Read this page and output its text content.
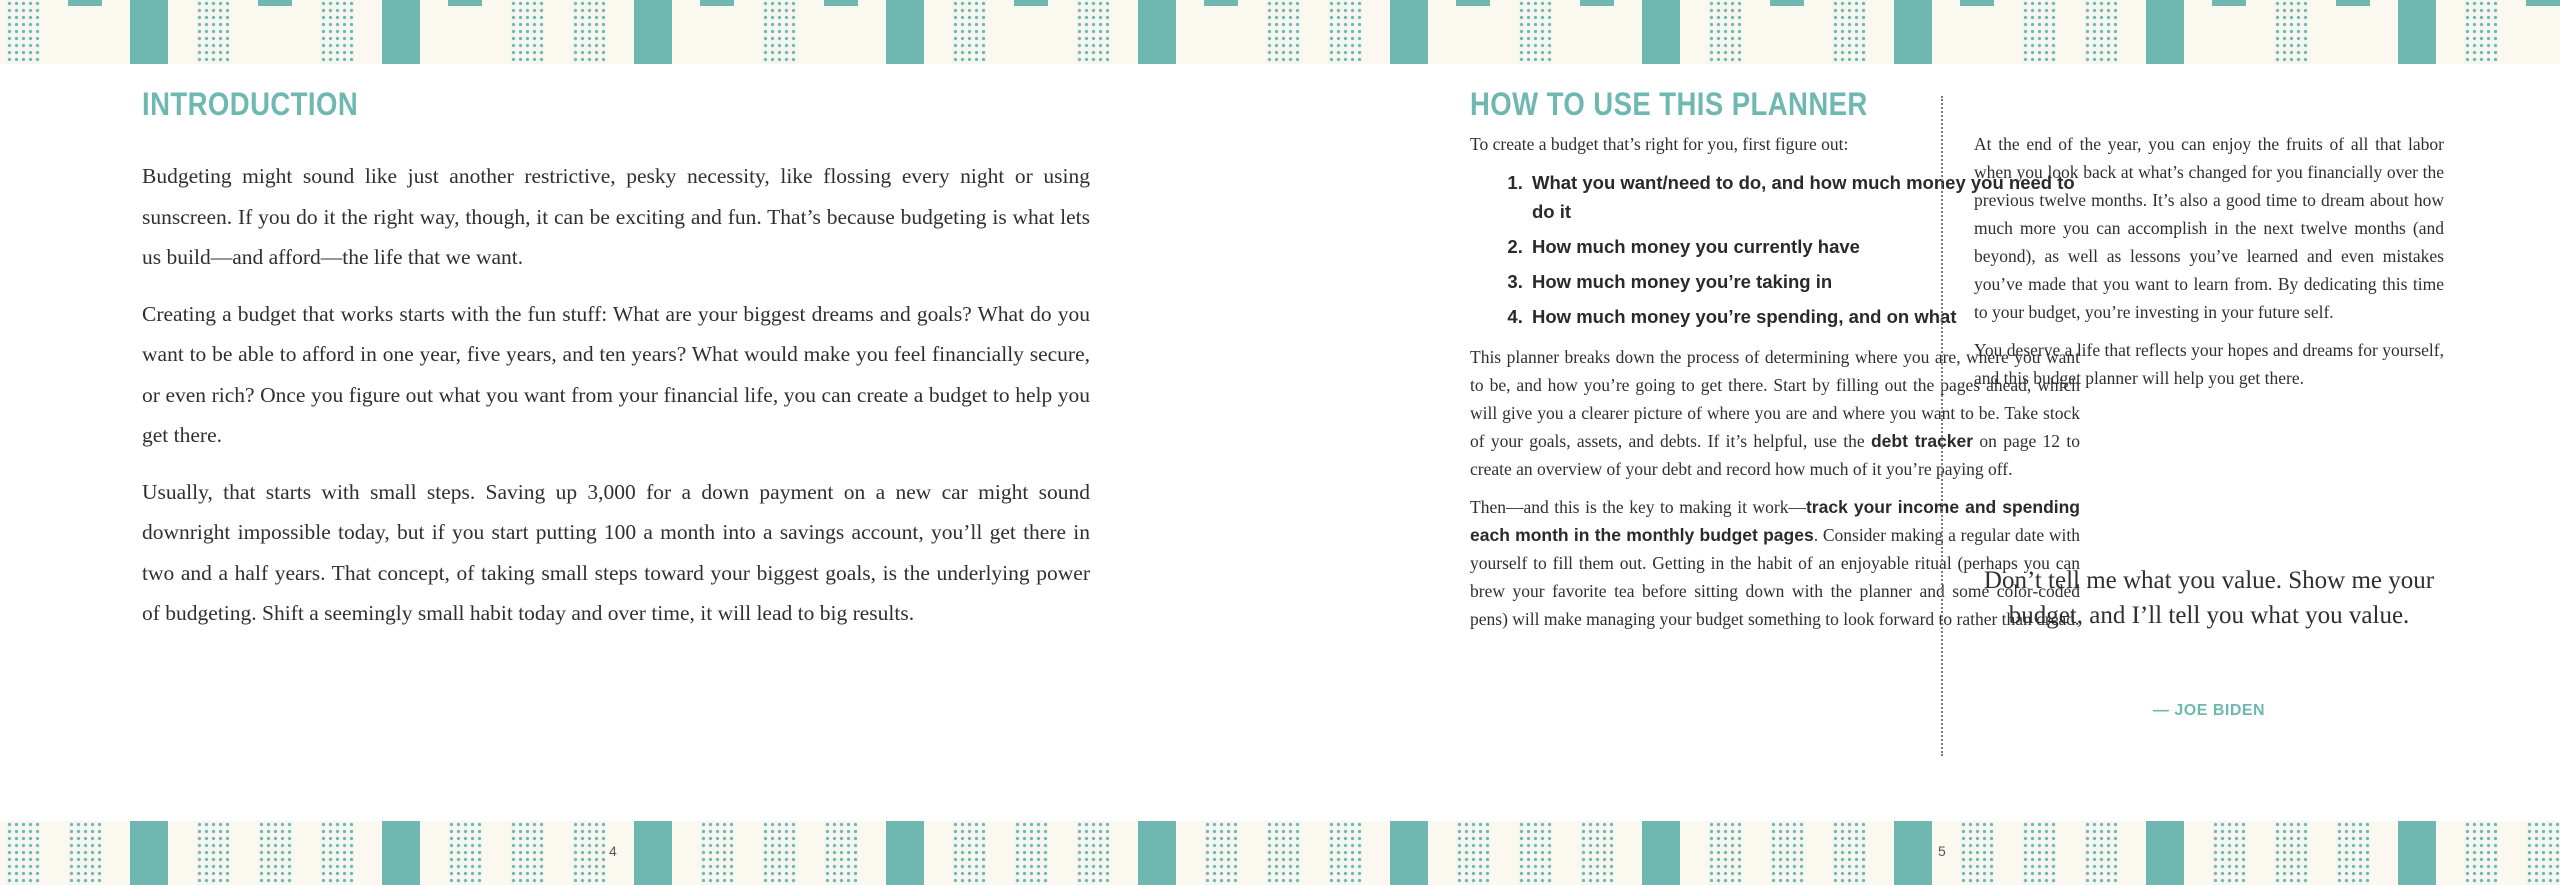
INTRODUCTION

Budgeting might sound like just another restrictive, pesky necessity, like flossing every night or using sunscreen. If you do it the right way, though, it can be exciting and fun. That’s because budgeting is what lets us build—and afford—the life that we want.

Creating a budget that works starts with the fun stuff: What are your biggest dreams and goals? What do you want to be able to afford in one year, five years, and ten years? What would make you feel financially secure, or even rich? Once you figure out what you want from your financial life, you can create a budget to help you get there.

Usually, that starts with small steps. Saving up 3,000 for a down payment on a new car might sound downright impossible today, but if you start putting 100 a month into a savings account, you’ll get there in two and a half years. That concept, of taking small steps toward your biggest goals, is the underlying power of budgeting. Shift a seemingly small habit today and over time, it will lead to big results.

HOW TO USE THIS PLANNER

To create a budget that’s right for you, first figure out:

1. What you want/need to do, and how much money you need to do it
2. How much money you currently have
3. How much money you’re taking in
4. How much money you’re spending, and on what

This planner breaks down the process of determining where you are, where you want to be, and how you’re going to get there. Start by filling out the pages ahead, which will give you a clearer picture of where you are and where you want to be. Take stock of your goals, assets, and debts. If it’s helpful, use the debt tracker on page 12 to create an overview of your debt and record how much of it you’re paying off.

Then—and this is the key to making it work—track your income and spending each month in the monthly budget pages. Consider making a regular date with yourself to fill them out. Getting in the habit of an enjoyable ritual (perhaps you can brew your favorite tea before sitting down with the planner and some color-coded pens) will make managing your budget something to look forward to rather than dread.

At the end of the year, you can enjoy the fruits of all that labor when you look back at what’s changed for you financially over the previous twelve months. It’s also a good time to dream about how much more you can accomplish in the next twelve months (and beyond), as well as lessons you’ve learned and even mistakes you’ve made that you want to learn from. By dedicating this time to your budget, you’re investing in your future self.

You deserve a life that reflects your hopes and dreams for yourself, and this budget planner will help you get there.

Don’t tell me what you value. Show me your budget, and I’ll tell you what you value.
— JOE BIDEN
4	5
